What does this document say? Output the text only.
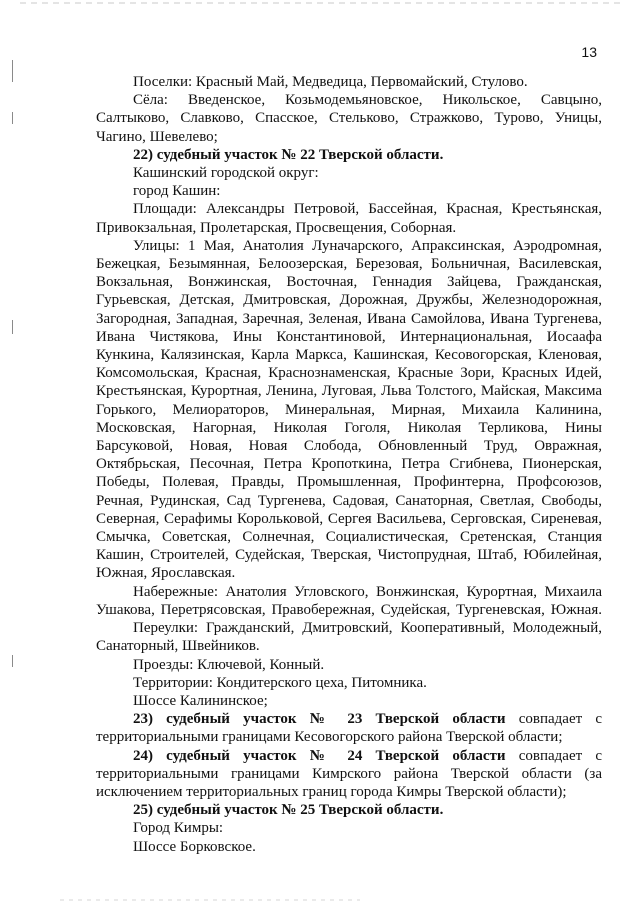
13
Поселки: Красный Май, Медведица, Первомайский, Стулово.
Сёла: Введенское, Козьмодемьяновское, Никольское, Савцыно,
Салтыково, Славково, Спасское, Стельково, Стражково, Турово, Уницы,
Чагино, Шевелево;
22) судебный участок № 22 Тверской области.
Кашинский городской округ:
город Кашин:
Площади: Александры Петровой, Бассейная, Красная, Крестьянская,
Привокзальная, Пролетарская, Просвещения, Соборная.
Улицы: 1 Мая, Анатолия Луначарского, Апраксинская, Аэродромная,
Бежецкая, Безымянная, Белоозерская, Березовая, Больничная, Василевская,
Вокзальная, Вонжинская, Восточная, Геннадия Зайцева, Гражданская,
Гурьевская, Детская, Дмитровская, Дорожная, Дружбы, Железнодорожная,
Загородная, Западная, Заречная, Зеленая, Ивана Самойлова, Ивана Тургенева,
Ивана Чистякова, Ины Константиновой, Интернациональная, Иосаафа
Кункина, Калязинская, Карла Маркса, Кашинская, Кесовогорская, Кленовая,
Комсомольская, Красная, Краснознаменская, Красные Зори, Красных Идей,
Крестьянская, Курортная, Ленина, Луговая, Льва Толстого, Майская, Максима
Горького, Мелиораторов, Минеральная, Мирная, Михаила Калинина,
Московская, Нагорная, Николая Гоголя, Николая Терликова, Нины
Барсуковой, Новая, Новая Слобода, Обновленный Труд, Овражная,
Октябрьская, Песочная, Петра Кропоткина, Петра Сгибнева, Пионерская,
Победы, Полевая, Правды, Промышленная, Профинтерна, Профсоюзов,
Речная, Рудинская, Сад Тургенева, Садовая, Санаторная, Светлая, Свободы,
Северная, Серафимы Корольковой, Сергея Васильева, Серговская, Сиреневая,
Смычка, Советская, Солнечная, Социалистическая, Сретенская, Станция
Кашин, Строителей, Судейская, Тверская, Чистопрудная, Штаб, Юбилейная,
Южная, Ярославская.
Набережные: Анатолия Угловского, Вонжинская, Курортная, Михаила
Ушакова, Перетрясовская, Правобережная, Судейская, Тургеневская, Южная.
Переулки: Гражданский, Дмитровский, Кооперативный, Молодежный,
Санаторный, Швейников.
Проезды: Ключевой, Конный.
Территории: Кондитерского цеха, Питомника.
Шоссе Калининское;
23) судебный участок № 23 Тверской области совпадает с
территориальными границами Кесовогорского района Тверской области;
24) судебный участок № 24 Тверской области совпадает с
территориальными границами Кимрского района Тверской области (за
исключением территориальных границ города Кимры Тверской области);
25) судебный участок № 25 Тверской области.
Город Кимры:
Шоссе Борковское.
